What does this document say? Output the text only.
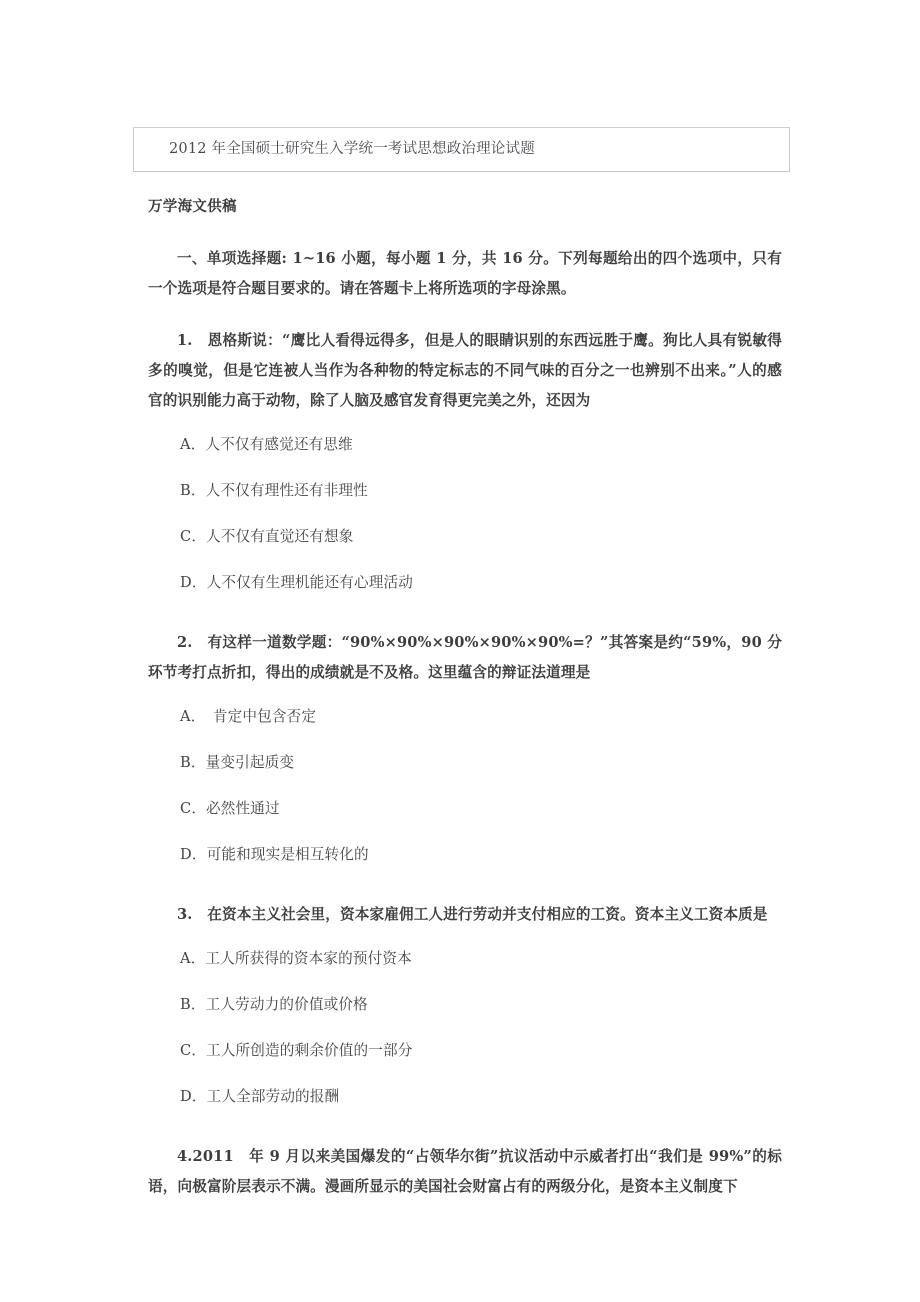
2012 年全国硕士研究生入学统一考试思想政治理论试题
万学海文供稿

一、单项选择题: 1~16 小题，每小题 1 分，共 16 分。下列每题给出的四个选项中，只有一个选项是符合题目要求的。请在答题卡上将所选项的字母涂黑。

1.　恩格斯说：“鹰比人看得远得多，但是人的眼睛识别的东西远胜于鹰。狗比人具有锐敏得多的嗅觉，但是它连被人当作为各种物的特定标志的不同气味的百分之一也辨别不出来。”人的感官的识别能力高于动物，除了人脑及感官发育得更完美之外，还因为

A．人不仅有感觉还有思维

B．人不仅有理性还有非理性

C．人不仅有直觉还有想象

D．人不仅有生理机能还有心理活动

2.　有这样一道数学题：“90%×90%×90%×90%×90%=？”其答案是约“59%，90 分环节考打点折扣，得出的成绩就是不及格。这里蕴含的辩证法道理是

A．　肯定中包含否定

B．量变引起质变

C．必然性通过

D．可能和现实是相互转化的

3.　在资本主义社会里，资本家雇佣工人进行劳动并支付相应的工资。资本主义工资本质是

A．工人所获得的资本家的预付资本

B．工人劳动力的价值或价格

C．工人所创造的剩余价值的一部分

D．工人全部劳动的报酬

4.2011　年 9 月以来美国爆发的“占领华尔街”抗议活动中示威者打出“我们是 99%”的标语，向极富阶层表示不满。漫画所显示的美国社会财富占有的两级分化，是资本主义制度下
